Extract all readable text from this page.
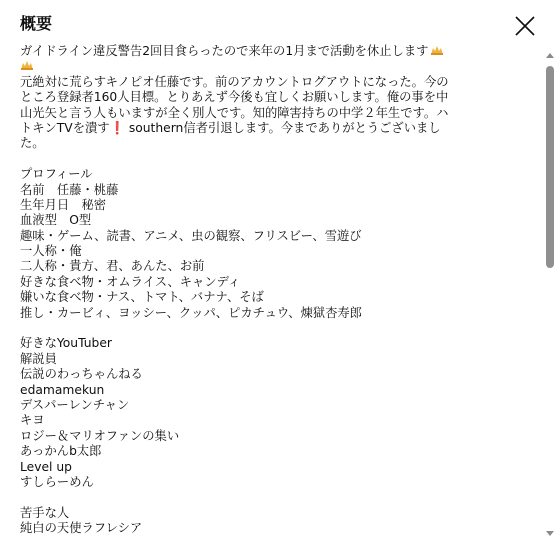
概要
ガイドライン違反警告2回目食らったので来年の1月まで活動を休止します
元絶対に荒らすキノピオ任藤です。前のアカウントログアウトになった。今の
ところ登録者160人目標。とりあえず今後も宜しくお願いします。俺の事を中
山光矢と言う人もいますが全く別人です。知的障害持ちの中学２年生です。ハ
トキンTVを潰す❗ southern信者引退します。今までありがとうございまし
た。
プロフィール
名前　任藤・桃藤
生年月日　秘密
血液型　O型
趣味・ゲーム、読書、アニメ、虫の観察、フリスビー、雪遊び
一人称・俺
二人称・貴方、君、あんた、お前
好きな食べ物・オムライス、キャンディ
嫌いな食べ物・ナス、トマト、バナナ、そば
推し・カービィ、ヨッシー、クッパ、ピカチュウ、煉獄杏寿郎
好きなYouTuber
解説員
伝説のわっちゃんねる
edamamekun
デスパーレンチャン
キヨ
ロジー＆マリオファンの集い
あっかんb太郎
Level up
すしらーめん
苦手な人
純白の天使ラフレシア
